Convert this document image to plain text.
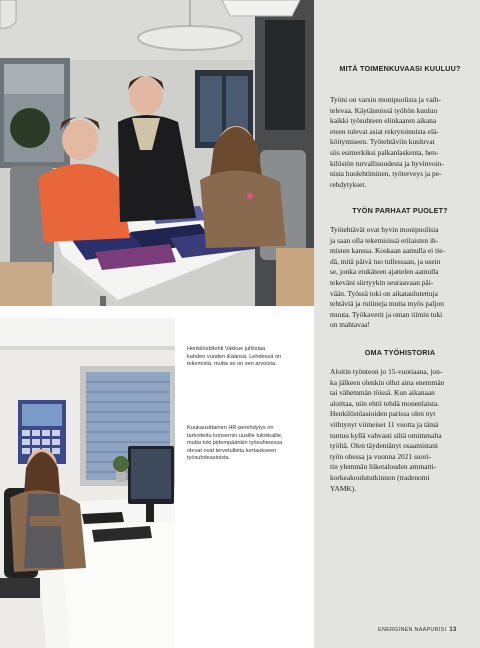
Henkilöstölehti Vakkue juhlistaa kahden vuoden ikäänsä. Lehdessä on tekemistä, mutta se on sen arvoista.
Kuukausittainen HR-perehdytys on tarkoitettu konsernin uusille tulokkaille, mutta toki pidempäänkin työsuhteessa olevat ovat tervetulleita kertaukseen työsuhdeasioista.
MITÄ TOIMENKUVAASI KUULUU?
Työni on varsin monipuolista ja vaih-
televaa. Käytännössä työhön kuuluu
kaikki työsuhteen elinkaaren aikana
eteen tulevat asiat rekrytoinnista elä-
köitymiseen. Työtehtäviin kuuluvat
siis esimerkiksi palkanlaskenta, hen-
kilöstön turvallisuudesta ja hyvinvoin-
nista huolehtiminen, työterveys ja pe-
rehdytykset.
TYÖN PARHAAT PUOLET?
Työtehtävät ovat hyvin monipuolisia
ja saan olla tekemisissä erilaisten ih-
misten kanssa. Koskaan aamulla ei tie-
dä, mitä päivä tuo tullessaan, ja usein
se, jonka etukäteen ajattelen aamulla
tekeväni siirtyykin seuraavaan päi-
vään. Työssä toki on aikataulutettuja
tehtäviä ja rutiineja mutta myös paljon
muuta. Työkaverit ja oman tiimin tuki
on mahtavaa!
OMA TYÖHISTORIA
Aloitin työnteon jo 15-vuotiaana, jon-
ka jälkeen olenkin ollut aina enemmän
tai vähemmän töissä. Kun aikanaan
aloittaa, niin ehtii tehdä monenlaista.
Henkilöstöasioiden parissa olen nyt
viihtynyt viimeiset 11 vuotta ja tämä
tuntuu kyllä vahvasti siltä omimmalta
työltä. Olen täydentänyt osaamistani
työn ohessa ja vuonna 2021 suori-
tin ylemmän liiketalouden ammatti-
korkeakoulututkinnon (tradenomi
YAMK).
ENERGINEN NAAPURISI 13
